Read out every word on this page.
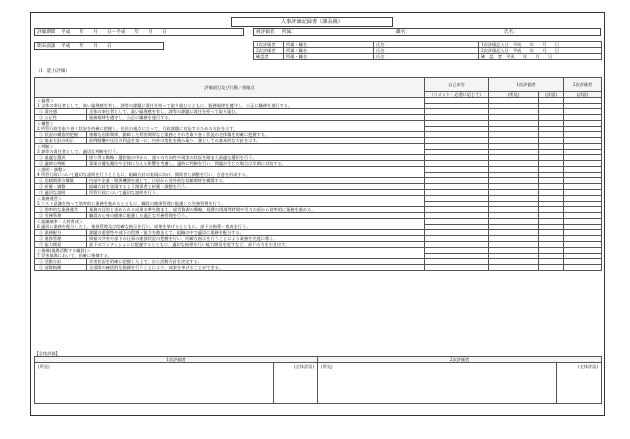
人事評価記録書（課長級）
評価期間 平成　　年　　月　　日～平成　　年　　月　　日	被評価者 所属：	職名：	氏名：
期末面談 平成　　年　　月　　日	1次評価者	所属・職名：	氏名：	1次評価記入日：平成　　年　　月　　日
2次評価者	所属・職名：	氏名：	2次評価記入日：平成　　年　　月　　日
確認者	所属・職名：	氏名：	確　認　者：平成　　年　　月　　日
（I　能力評価）
評価項目及び行動／着眼点		自己申告	1次評価者		2次評価者
		（コメント：必要に応じて）	(所見)	(評語)	(評語)
＜倫理＞					
1 全体の奉仕者として、高い倫理感を有し、課等の課題に責任を持って取り組むとともに、服務規律を遵守し、公正に職務を遂行する。					
① 責任感	全体の奉仕者として、高い倫理感を有し、課等の課題に責任を持って取り組む。				
② 公正性	服務規律を遵守し、公正に職務を遂行する。				
＜構想＞					
2 所管行政を取り巻く状況を的確に把握し、住民の視点に立って、行政課題に対応するための方針を示す。					
① 状況の構造的把握	複雑な因果関係、錯綜した利害関係など業務とそれを取り巻く状況の全体像を的確に把握する。				
② 基本方針の明示	前例踏襲や住民の利益を第一に、内外の変化を踏み取り、課としての基本的な方針を示す。				
＜判断＞					
3 課等の責任者として、適切な判断を行う。					
① 最適な選択	採り得る戦略・選択肢の中から、諸々の方向性や現実の状況を踏まえ最適な選択を行う。				
② 適時の判断	事案の優先順位や全体に与える影響を考慮し、適時に判断を行い、問題が生じた場合は早期に対処する。				
＜説明・調整＞					
4 所管行政について適切な説明を行うとともに、組織方針の実現に向け、関係者と調整を行い、合意を形成する。					
① 信頼関係の構築	内部や企業・関係機関を通じて、日頃から対外的な信頼関係を構築する。				
② 折衝・調整	組織方針を実現するよう関係者と折衝・調整を行う。				
③ 適切な説明	所管行政について適切な説明を行う。				
＜業務運営＞					
5 コスト意識を持って効率的に業務を進めるとともに、職員の健康管理に配慮した労務管理を行う。					
① 効率的な業務運営	業務の目的と求められる成果水準を踏まえ、経営資源の戦略、経費の削減等時間や労力の面から効率的に業務を進める。				
② 労務管理	職員の心身の健康に配慮した適正な労務管理を行う。				
＜組織統率・人材育成＞					
6 適切に業務を配分した上、進捗管理及び的確な指示を行い、成果を挙げるとともに、部下の指導・育成を行う。					
① 業務配分	課題の重要性や部下の役割・能力を踏まえて、組織の中で適切に業務を配分する。				
② 進捗管理	情報の共有や部下の仕事の進捗状況の把握を行い、的確な指示を行うことにより業務を完遂に導く。				
③ 能力開発	部下のコンディションに配慮するとともに、適切な指導を行い能力開発を促すなど、部下の力を引き出す。				
＜指揮(現場活動する職員)＞					
7 災害現場において、的確に指揮する。					
① 活動方針	災害状況を的確に把握した上で、自ら活動方針を決定する。				
② 部隊指揮	全部隊の統括的な指揮を行うことにより、成果を挙げることができる。				
【全体評価】	
1次評価者	2次評価者

(所見) (全体評語)	(所見) (全体評語)
